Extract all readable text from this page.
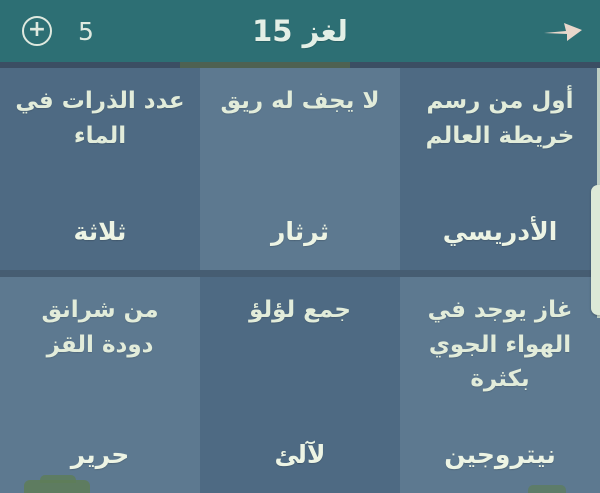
+ 5	لغز 15
أول من رسم خريطة العالم
الأدريسي
لا يجف له ريق
ثرثار
عدد الذرات في الماء
ثلاثة
غاز يوجد في الهواء الجوي بكثرة
نيتروجين
جمع لؤلؤ
لآلئ
من شرانق دودة القز
حرير
